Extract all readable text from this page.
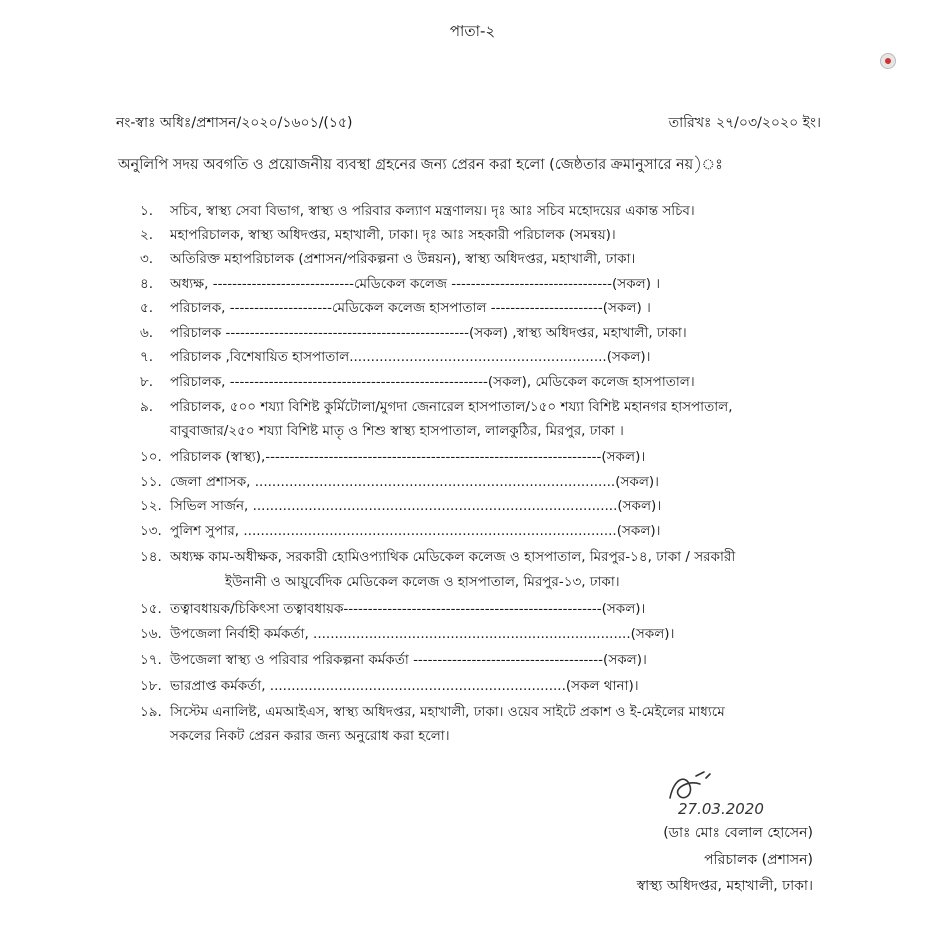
পাতা-২
নং-স্বাঃ অধিঃ/প্রশাসন/২০২০/১৬০১/(১৫)	তারিখঃ ২৭/০৩/২০২০ ইং।
অনুলিপি সদয় অবগতি ও প্রয়োজনীয় ব্যবস্থা গ্রহনের জন্য প্রেরন করা হলো (জেষ্ঠতার ক্রমানুসারে নয়)ঃ
১. সচিব, স্বাস্থ্য সেবা বিভাগ, স্বাস্থ্য ও পরিবার কল্যাণ মন্ত্রণালয়। দৃঃ আঃ সচিব মহোদয়ের একান্ত সচিব।
২. মহাপরিচালক, স্বাস্থ্য অধিদপ্তর, মহাখালী, ঢাকা। দৃঃ আঃ সহকারী পরিচালক (সমন্বয়)।
৩. অতিরিক্ত মহাপরিচালক (প্রশাসন/পরিকল্পনা ও উন্নয়ন), স্বাস্থ্য অধিদপ্তর, মহাখালী, ঢাকা।
৪. অধ্যক্ষ, -----------------------------মেডিকেল কলেজ ---------------------------------(সকল) ।
৫. পরিচালক, ---------------------মেডিকেল কলেজ হাসপাতাল -----------------------(সকল) ।
৬. পরিচালক --------------------------------------------------(সকল) ,স্বাস্থ্য অধিদপ্তর, মহাখালী, ঢাকা।
৭. পরিচালক ,বিশেষায়িত হাসপাতাল............................................................(সকল)।
৮. পরিচালক, -----------------------------------------------------(সকল), মেডিকেল কলেজ হাসপাতাল।
৯. পরিচালক, ৫০০ শয্যা বিশিষ্ট কুর্মিটোলা/মুগদা জেনারেল হাসপাতাল/১৫০ শয্যা বিশিষ্ট মহানগর হাসপাতাল,
বাবুবাজার/২৫০ শয্যা বিশিষ্ট মাতৃ ও শিশু স্বাস্থ্য হাসপাতাল, লালকুঠির, মিরপুর, ঢাকা ।
১০. পরিচালক (স্বাস্থ্য),---------------------------------------------------------------------(সকল)।
১১. জেলা প্রশাসক, ....................................................................................(সকল)।
১২. সিভিল সার্জন, .....................................................................................(সকল)।
১৩. পুলিশ সুপার, .......................................................................................(সকল)।
১৪. অধ্যক্ষ কাম-অধীক্ষক, সরকারী হোমিওপ্যাথিক মেডিকেল কলেজ ও হাসপাতাল, মিরপুর-১৪, ঢাকা / সরকারী
ইউনানী ও আয়ুর্বেদিক মেডিকেল কলেজ ও হাসপাতাল, মিরপুর-১৩, ঢাকা।
১৫. তত্বাবধায়ক/চিকিৎসা তত্বাবধায়ক-----------------------------------------------------(সকল)।
১৬. উপজেলা নির্বাহী কর্মকর্তা, ..........................................................................(সকল)।
১৭. উপজেলা স্বাস্থ্য ও পরিবার পরিকল্পনা কর্মকর্তা ---------------------------------------(সকল)।
১৮. ভারপ্রাপ্ত কর্মকর্তা, .....................................................................(সকল থানা)।
১৯. সিস্টেম এনালিষ্ট, এমআইএস, স্বাস্থ্য অধিদপ্তর, মহাখালী, ঢাকা। ওয়েব সাইটে প্রকাশ ও ই-মেইলের মাধ্যমে
সকলের নিকট প্রেরন করার জন্য অনুরোধ করা হলো।
27.03.2020
(ডাঃ মোঃ বেলাল হোসেন)
পরিচালক (প্রশাসন)
স্বাস্থ্য অধিদপ্তর, মহাখালী, ঢাকা।
